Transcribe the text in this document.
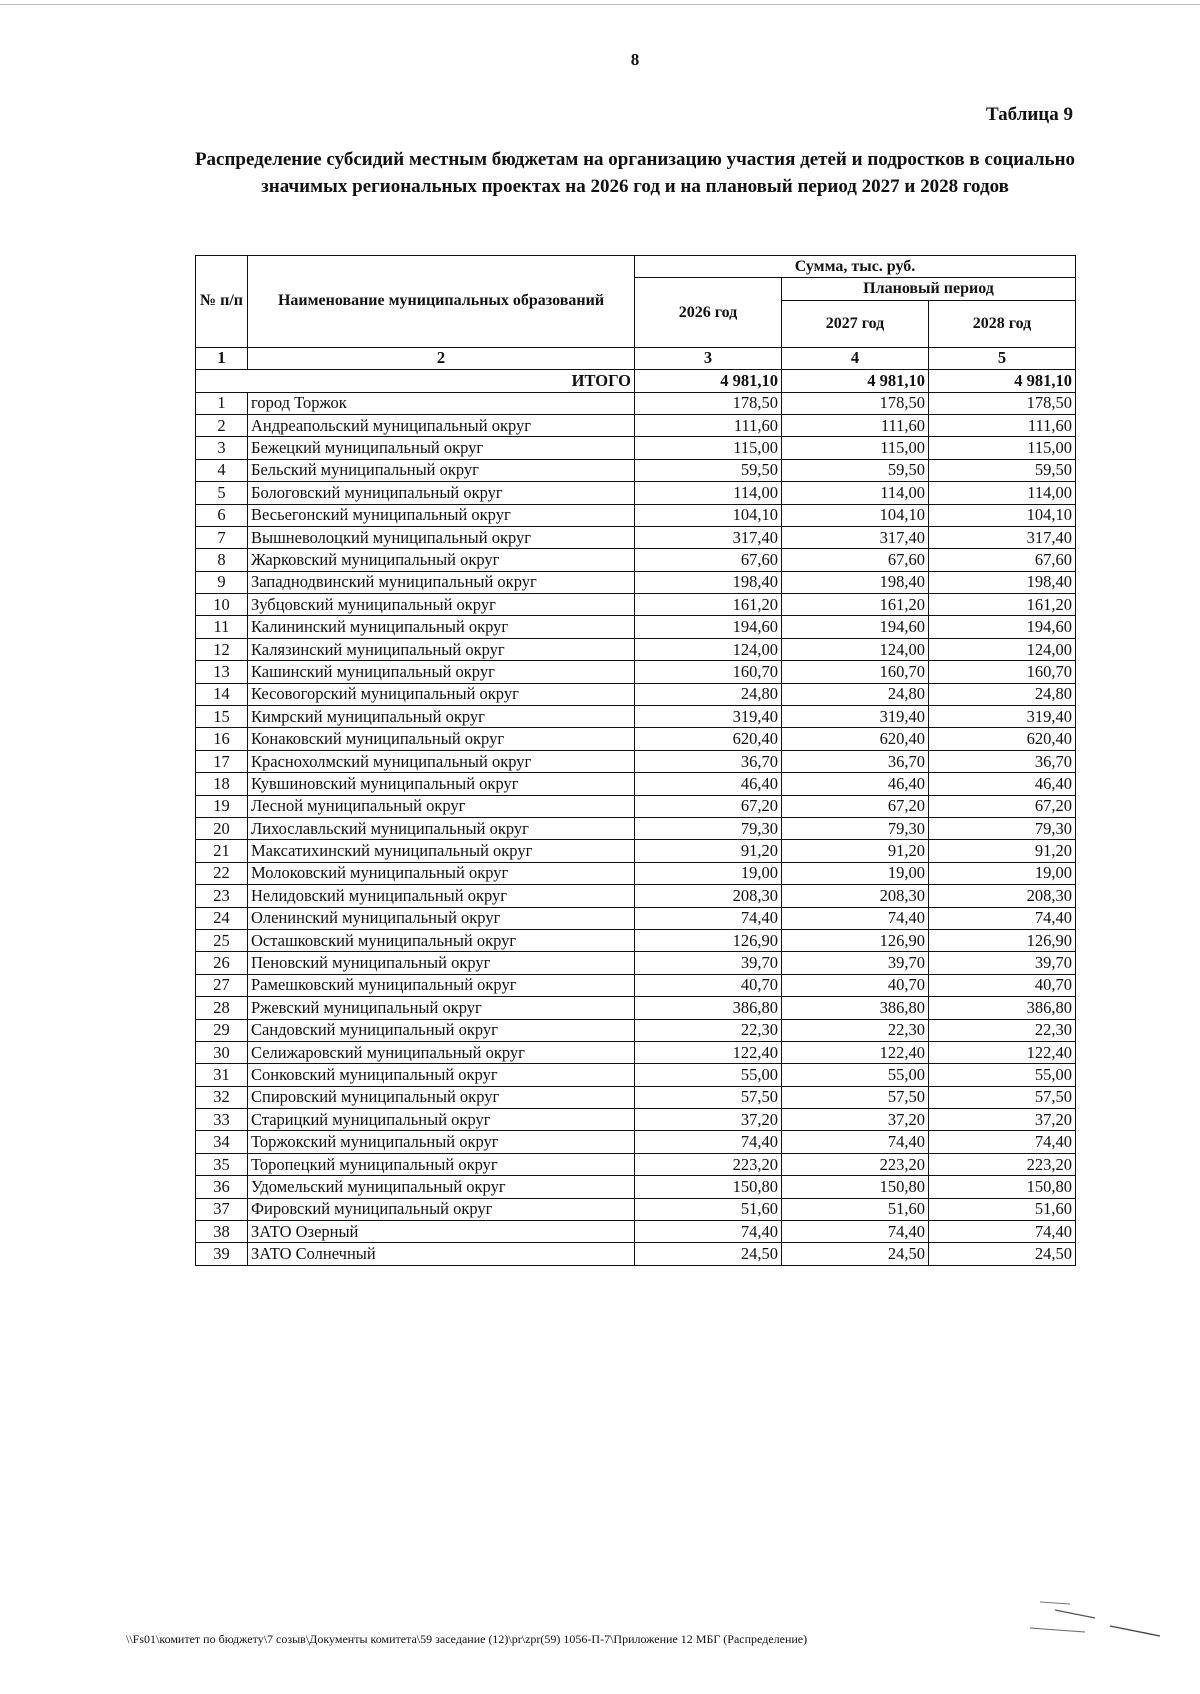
8
Таблица 9
Распределение субсидий местным бюджетам на организацию участия детей и подростков в социально значимых региональных проектах на 2026 год и на плановый период 2027 и 2028 годов
№ п/п	Наименование муниципальных образований	Сумма, тыс. руб.		
		2026 год	Плановый период	
			2027 год	2028 год
1	2	3	4	5
ИТОГО		4 981,10	4 981,10	4 981,10
1	город Торжок	178,50	178,50	178,50
2	Андреапольский муниципальный округ	111,60	111,60	111,60
3	Бежецкий муниципальный округ	115,00	115,00	115,00
4	Бельский муниципальный округ	59,50	59,50	59,50
5	Бологовский муниципальный округ	114,00	114,00	114,00
6	Весьегонский муниципальный округ	104,10	104,10	104,10
7	Вышневолоцкий муниципальный округ	317,40	317,40	317,40
8	Жарковский муниципальный округ	67,60	67,60	67,60
9	Западнодвинский муниципальный округ	198,40	198,40	198,40
10	Зубцовский муниципальный округ	161,20	161,20	161,20
11	Калининский муниципальный округ	194,60	194,60	194,60
12	Калязинский муниципальный округ	124,00	124,00	124,00
13	Кашинский муниципальный округ	160,70	160,70	160,70
14	Кесовогорский муниципальный округ	24,80	24,80	24,80
15	Кимрский муниципальный округ	319,40	319,40	319,40
16	Конаковский муниципальный округ	620,40	620,40	620,40
17	Краснохолмский муниципальный округ	36,70	36,70	36,70
18	Кувшиновский муниципальный округ	46,40	46,40	46,40
19	Лесной муниципальный округ	67,20	67,20	67,20
20	Лихославльский муниципальный округ	79,30	79,30	79,30
21	Максатихинский муниципальный округ	91,20	91,20	91,20
22	Молоковский муниципальный округ	19,00	19,00	19,00
23	Нелидовский муниципальный округ	208,30	208,30	208,30
24	Оленинский муниципальный округ	74,40	74,40	74,40
25	Осташковский муниципальный округ	126,90	126,90	126,90
26	Пеновский муниципальный округ	39,70	39,70	39,70
27	Рамешковский муниципальный округ	40,70	40,70	40,70
28	Ржевский муниципальный округ	386,80	386,80	386,80
29	Сандовский муниципальный округ	22,30	22,30	22,30
30	Селижаровский муниципальный округ	122,40	122,40	122,40
31	Сонковский муниципальный округ	55,00	55,00	55,00
32	Спировский муниципальный округ	57,50	57,50	57,50
33	Старицкий муниципальный округ	37,20	37,20	37,20
34	Торжокский муниципальный округ	74,40	74,40	74,40
35	Торопецкий муниципальный округ	223,20	223,20	223,20
36	Удомельский муниципальный округ	150,80	150,80	150,80
37	Фировский муниципальный округ	51,60	51,60	51,60
38	ЗАТО Озерный	74,40	74,40	74,40
39	ЗАТО Солнечный	24,50	24,50	24,50
\\Fs01\комитет по бюджету\7 созыв\Документы комитета\59 заседание (12)\pr\zpr(59) 1056-П-7\Приложение 12 МБГ (Распределение)
